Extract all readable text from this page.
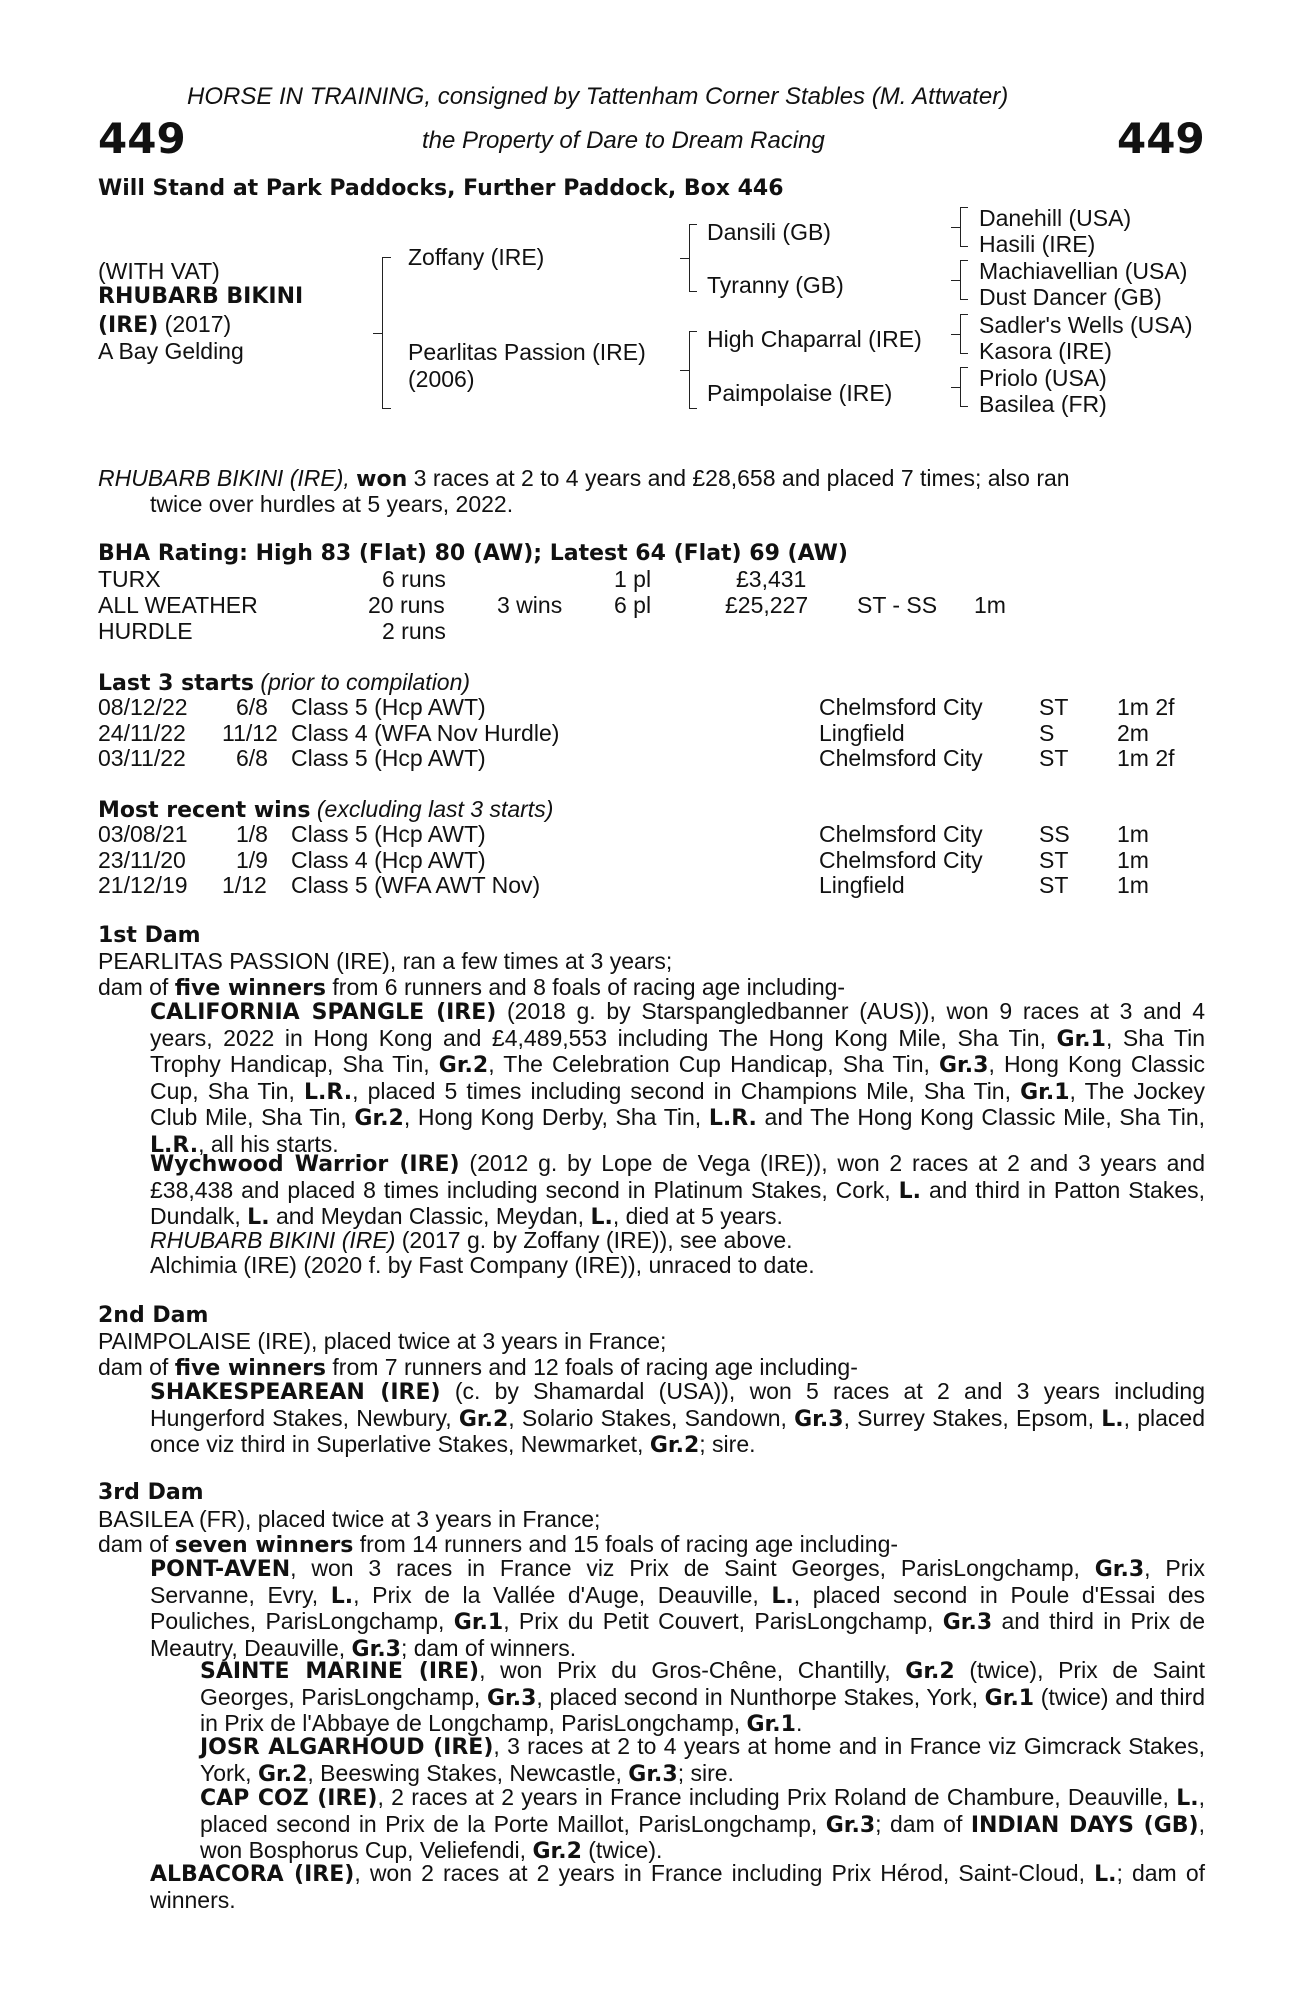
HORSE IN TRAINING, consigned by Tattenham Corner Stables (M. Attwater)
449	the Property of Dare to Dream Racing	449
Will Stand at Park Paddocks, Further Paddock, Box 446
(WITH VAT)
RHUBARB BIKINI
(IRE) (2017)
A Bay Gelding
Zoffany (IRE)
Pearlitas Passion (IRE)
(2006)
Dansili (GB)
Tyranny (GB)
High Chaparral (IRE)
Paimpolaise (IRE)
Danehill (USA)
Hasili (IRE)
Machiavellian (USA)
Dust Dancer (GB)
Sadler's Wells (USA)
Kasora (IRE)
Priolo (USA)
Basilea (FR)
RHUBARB BIKINI (IRE), won 3 races at 2 to 4 years and £28,658 and placed 7 times; also ran
twice over hurdles at 5 years, 2022.
BHA Rating: High 83 (Flat) 80 (AW); Latest 64 (Flat) 69 (AW)
TURX	6 runs	1 pl	£3,431
ALL WEATHER	20 runs 3 wins 6 pl	£25,227 ST - SS 1m
HURDLE	2 runs
Last 3 starts (prior to compilation)
08/12/22 6/8 Class 5 (Hcp AWT)	Chelmsford City ST 1m 2f
24/11/22 11/12 Class 4 (WFA Nov Hurdle)	Lingfield	S	2m
03/11/22 6/8 Class 5 (Hcp AWT)	Chelmsford City ST 1m 2f
Most recent wins (excluding last 3 starts)
03/08/21 1/8 Class 5 (Hcp AWT)	Chelmsford City SS 1m
23/11/20 1/9 Class 4 (Hcp AWT)	Chelmsford City ST 1m
21/12/19 1/12 Class 5 (WFA AWT Nov)	Lingfield	ST 1m
1st Dam
PEARLITAS PASSION (IRE), ran a few times at 3 years;
dam of five winners from 6 runners and 8 foals of racing age including-
CALIFORNIA SPANGLE (IRE) (2018 g. by Starspangledbanner (AUS)), won 9 races at 3 and 4 years, 2022 in Hong Kong and £4,489,553 including The Hong Kong Mile, Sha Tin, Gr.1, Sha Tin Trophy Handicap, Sha Tin, Gr.2, The Celebration Cup Handicap, Sha Tin, Gr.3, Hong Kong Classic Cup, Sha Tin, L.R., placed 5 times including second in Champions Mile, Sha Tin, Gr.1, The Jockey Club Mile, Sha Tin, Gr.2, Hong Kong Derby, Sha Tin, L.R. and The Hong Kong Classic Mile, Sha Tin, L.R., all his starts.
Wychwood Warrior (IRE) (2012 g. by Lope de Vega (IRE)), won 2 races at 2 and 3 years and £38,438 and placed 8 times including second in Platinum Stakes, Cork, L. and third in Patton Stakes, Dundalk, L. and Meydan Classic, Meydan, L., died at 5 years.
RHUBARB BIKINI (IRE) (2017 g. by Zoffany (IRE)), see above.
Alchimia (IRE) (2020 f. by Fast Company (IRE)), unraced to date.
2nd Dam
PAIMPOLAISE (IRE), placed twice at 3 years in France;
dam of five winners from 7 runners and 12 foals of racing age including-
SHAKESPEAREAN (IRE) (c. by Shamardal (USA)), won 5 races at 2 and 3 years including Hungerford Stakes, Newbury, Gr.2, Solario Stakes, Sandown, Gr.3, Surrey Stakes, Epsom, L., placed once viz third in Superlative Stakes, Newmarket, Gr.2; sire.
3rd Dam
BASILEA (FR), placed twice at 3 years in France;
dam of seven winners from 14 runners and 15 foals of racing age including-
PONT-AVEN, won 3 races in France viz Prix de Saint Georges, ParisLongchamp, Gr.3, Prix Servanne, Evry, L., Prix de la Vallée d'Auge, Deauville, L., placed second in Poule d'Essai des Pouliches, ParisLongchamp, Gr.1, Prix du Petit Couvert, ParisLongchamp, Gr.3 and third in Prix de Meautry, Deauville, Gr.3; dam of winners.
SAINTE MARINE (IRE), won Prix du Gros-Chêne, Chantilly, Gr.2 (twice), Prix de Saint Georges, ParisLongchamp, Gr.3, placed second in Nunthorpe Stakes, York, Gr.1 (twice) and third in Prix de l'Abbaye de Longchamp, ParisLongchamp, Gr.1.
JOSR ALGARHOUD (IRE), 3 races at 2 to 4 years at home and in France viz Gimcrack Stakes, York, Gr.2, Beeswing Stakes, Newcastle, Gr.3; sire.
CAP COZ (IRE), 2 races at 2 years in France including Prix Roland de Chambure, Deauville, L., placed second in Prix de la Porte Maillot, ParisLongchamp, Gr.3; dam of INDIAN DAYS (GB), won Bosphorus Cup, Veliefendi, Gr.2 (twice).
ALBACORA (IRE), won 2 races at 2 years in France including Prix Hérod, Saint-Cloud, L.; dam of winners.
